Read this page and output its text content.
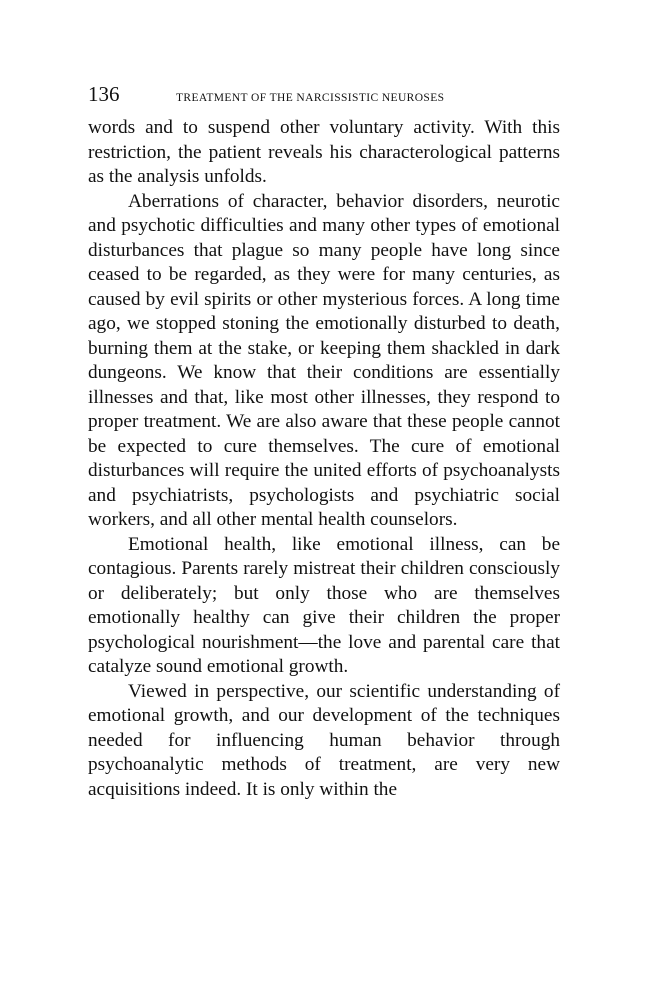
136	TREATMENT OF THE NARCISSISTIC NEUROSES

words and to suspend other voluntary activity. With this restriction, the patient reveals his characterological patterns as the analysis unfolds.

Aberrations of character, behavior disorders, neurotic and psychotic difficulties and many other types of emotional disturbances that plague so many people have long since ceased to be regarded, as they were for many centuries, as caused by evil spirits or other mysterious forces. A long time ago, we stopped stoning the emotionally disturbed to death, burning them at the stake, or keeping them shackled in dark dungeons. We know that their conditions are essentially illnesses and that, like most other illnesses, they respond to proper treatment. We are also aware that these people cannot be expected to cure themselves. The cure of emotional disturbances will require the united efforts of psychoanalysts and psychiatrists, psychologists and psychiatric social workers, and all other mental health counselors.

Emotional health, like emotional illness, can be contagious. Parents rarely mistreat their children consciously or deliberately; but only those who are themselves emotionally healthy can give their children the proper psychological nourishment—the love and parental care that catalyze sound emotional growth.

Viewed in perspective, our scientific understanding of emotional growth, and our development of the techniques needed for influencing human behavior through psychoanalytic methods of treatment, are very new acquisitions indeed. It is only within the
